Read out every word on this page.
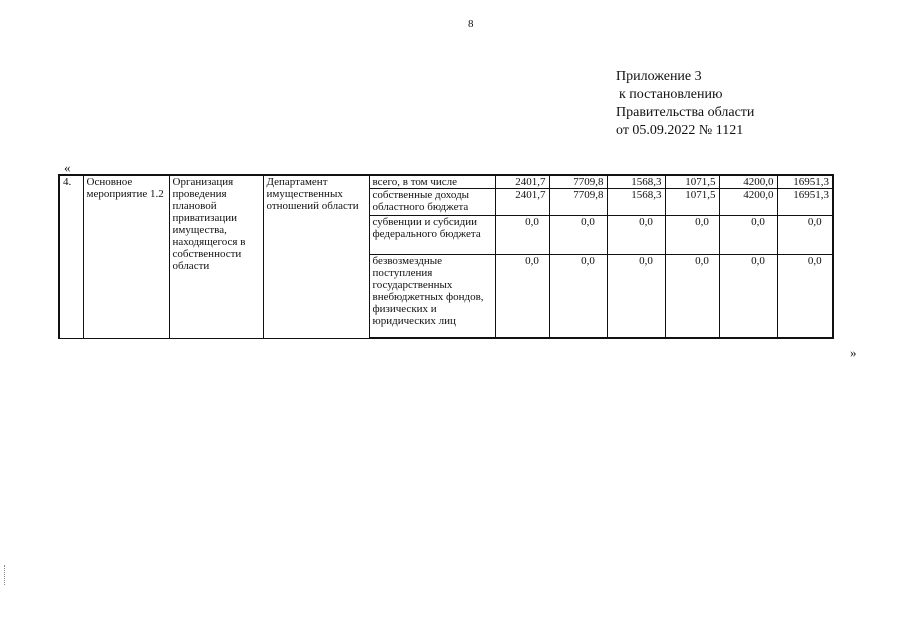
8
Приложение 3
к постановлению
Правительства области
от 05.09.2022 № 1121
«
4.	Основное мероприятие 1.2	Организация проведения плановой приватизации имущества, находящегося в собственности области	Департамент имущественных отношений области	всего, в том числе	2401,7	7709,8	1568,3	1071,5	4200,0	16951,3
				собственные доходы областного бюджета	2401,7	7709,8	1568,3	1071,5	4200,0	16951,3
				субвенции и субсидии федерального бюджета	0,0	0,0	0,0	0,0	0,0	0,0
				безвозмездные поступления государственных внебюджетных фондов, физических и юридических лиц	0,0	0,0	0,0	0,0	0,0	0,0
»
